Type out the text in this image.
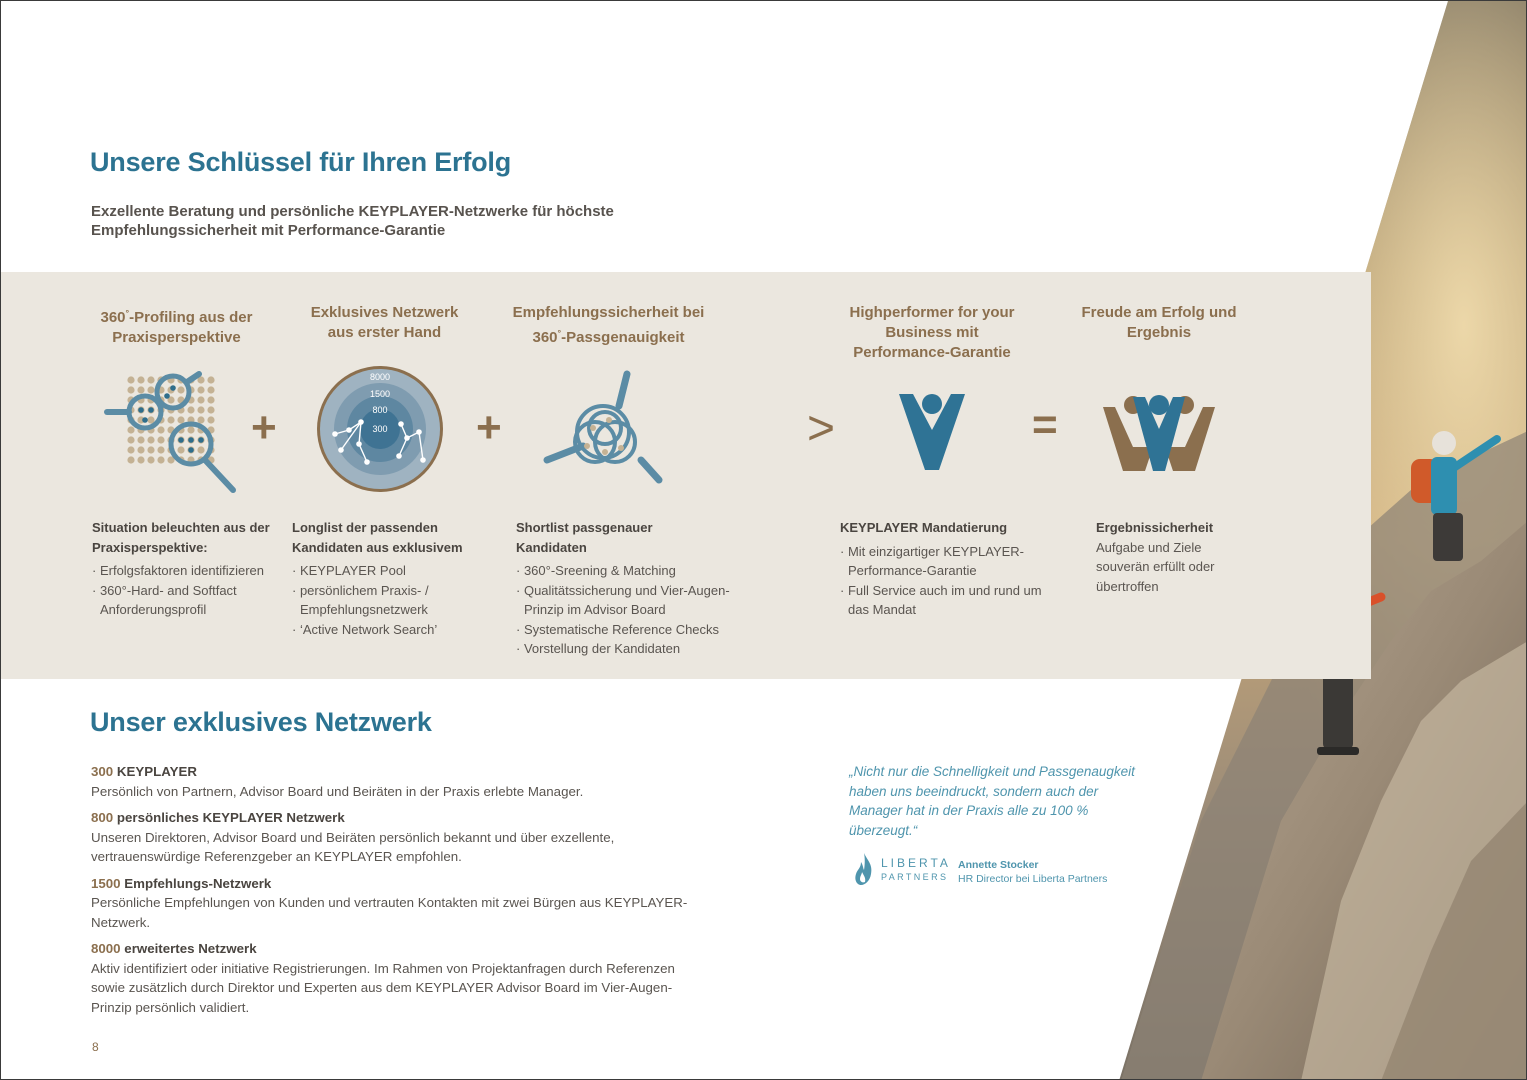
Unsere Schlüssel für Ihren Erfolg
Exzellente Beratung und persönliche KEYPLAYER-Netzwerke für höchste Empfehlungssicherheit mit Performance-Garantie
360°-Profiling aus der Praxisperspektive
Exklusives Netzwerk aus erster Hand
Empfehlungssicherheit bei 360°-Passgenauigkeit
Highperformer for your Business mit Performance-Garantie
Freude am Erfolg und Ergebnis
+
8000
1500
800
300 +	>	=
Situation beleuchten aus der Praxisperspektive:
· Erfolgsfaktoren identifizieren
· 360°-Hard- and Softfact Anforderungsprofil
Longlist der passenden Kandidaten aus exklusivem
· KEYPLAYER Pool
· persönlichem Praxis- / Empfehlungsnetzwerk
· ‘Active Network Search’
Shortlist passgenauer Kandidaten
· 360°-Sreening & Matching
· Qualitätssicherung und Vier-Augen-Prinzip im Advisor Board
· Systematische Reference Checks
· Vorstellung der Kandidaten
KEYPLAYER Mandatierung
· Mit einzigartiger KEYPLAYER-Performance-Garantie
· Full Service auch im und rund um das Mandat
Ergebnissicherheit
Aufgabe und Ziele souverän erfüllt oder übertroffen
Unser exklusives Netzwerk
300 KEYPLAYER
Persönlich von Partnern, Advisor Board und Beiräten in der Praxis erlebte Manager.
800 persönliches KEYPLAYER Netzwerk
Unseren Direktoren, Advisor Board und Beiräten persönlich bekannt und über exzellente, vertrauenswürdige Referenzgeber an KEYPLAYER empfohlen.
1500 Empfehlungs-Netzwerk
Persönliche Empfehlungen von Kunden und vertrauten Kontakten mit zwei Bürgen aus KEYPLAYER-Netzwerk.
8000 erweitertes Netzwerk
Aktiv identifiziert oder initiative Registrierungen. Im Rahmen von Projektanfragen durch Referenzen sowie zusätzlich durch Direktor und Experten aus dem KEYPLAYER Advisor Board im Vier-Augen-Prinzip persönlich validiert.
„Nicht nur die Schnelligkeit und Passgenaugkeit haben uns beeindruckt, sondern auch der Manager hat in der Praxis alle zu 100 % überzeugt.“
LIBERTA
PARTNERS
Annette Stocker
HR Director bei Liberta Partners
8
